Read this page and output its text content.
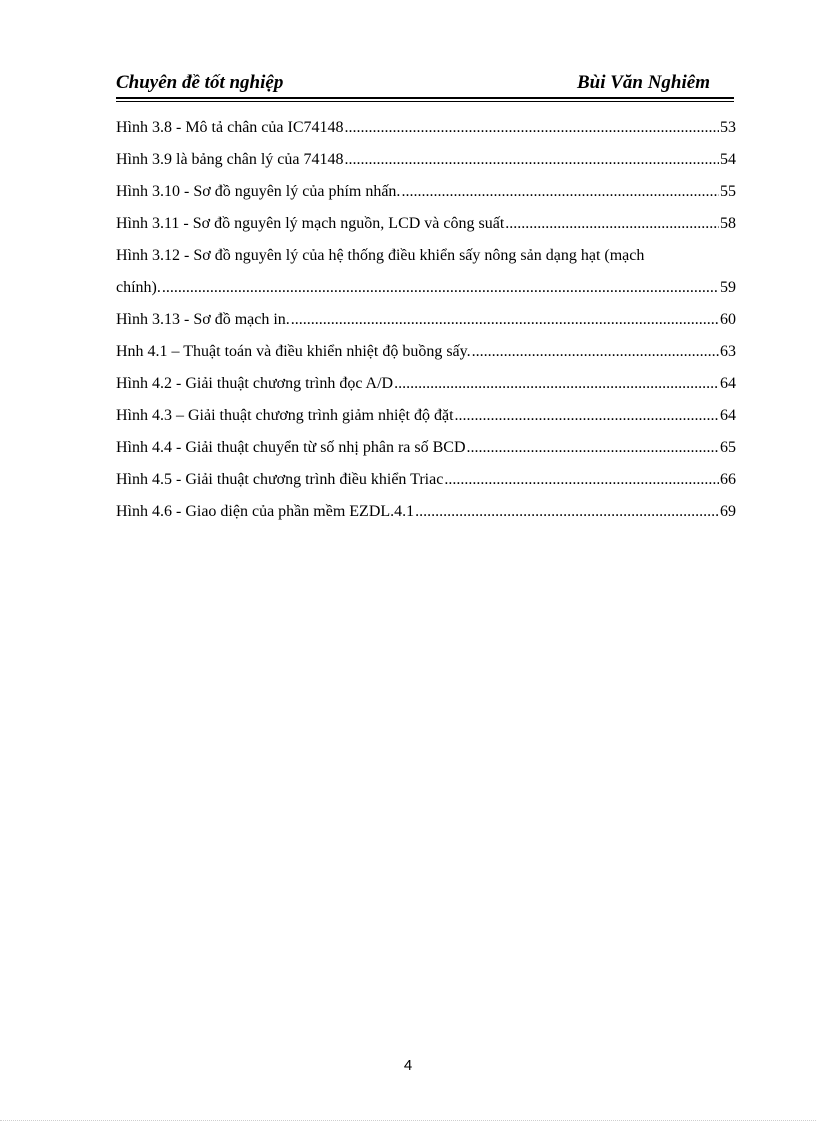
Chuyên đề tốt nghiệp	Bùi Văn Nghiêm
Hình 3.8 - Mô tả chân của IC74148 .....	53
Hình 3.9 là bảng chân lý của 74148 .....	54
Hình 3.10 - Sơ đồ nguyên lý của phím nhấn. .....	55
Hình 3.11 - Sơ đồ nguyên lý mạch nguồn, LCD và công suất .....	58
Hình 3.12 - Sơ đồ nguyên lý của hệ thống điều khiển sấy nông sản dạng hạt (mạch
chính). .....	59
Hình 3.13 - Sơ đồ mạch in. .....	60
Hnh 4.1 – Thuật toán và điều khiển nhiệt độ buồng sấy. .....	63
Hình 4.2 - Giải thuật chương trình đọc A/D .....	64
Hình 4.3 – Giải thuật chương trình giảm nhiệt độ đặt .....	64
Hình 4.4 - Giải thuật chuyển từ số nhị phân ra số BCD .....	65
Hình 4.5 - Giải thuật chương trình điều khiển Triac .....	66
Hình 4.6 - Giao diện của phần mềm EZDL.4.1 .....	69
4
